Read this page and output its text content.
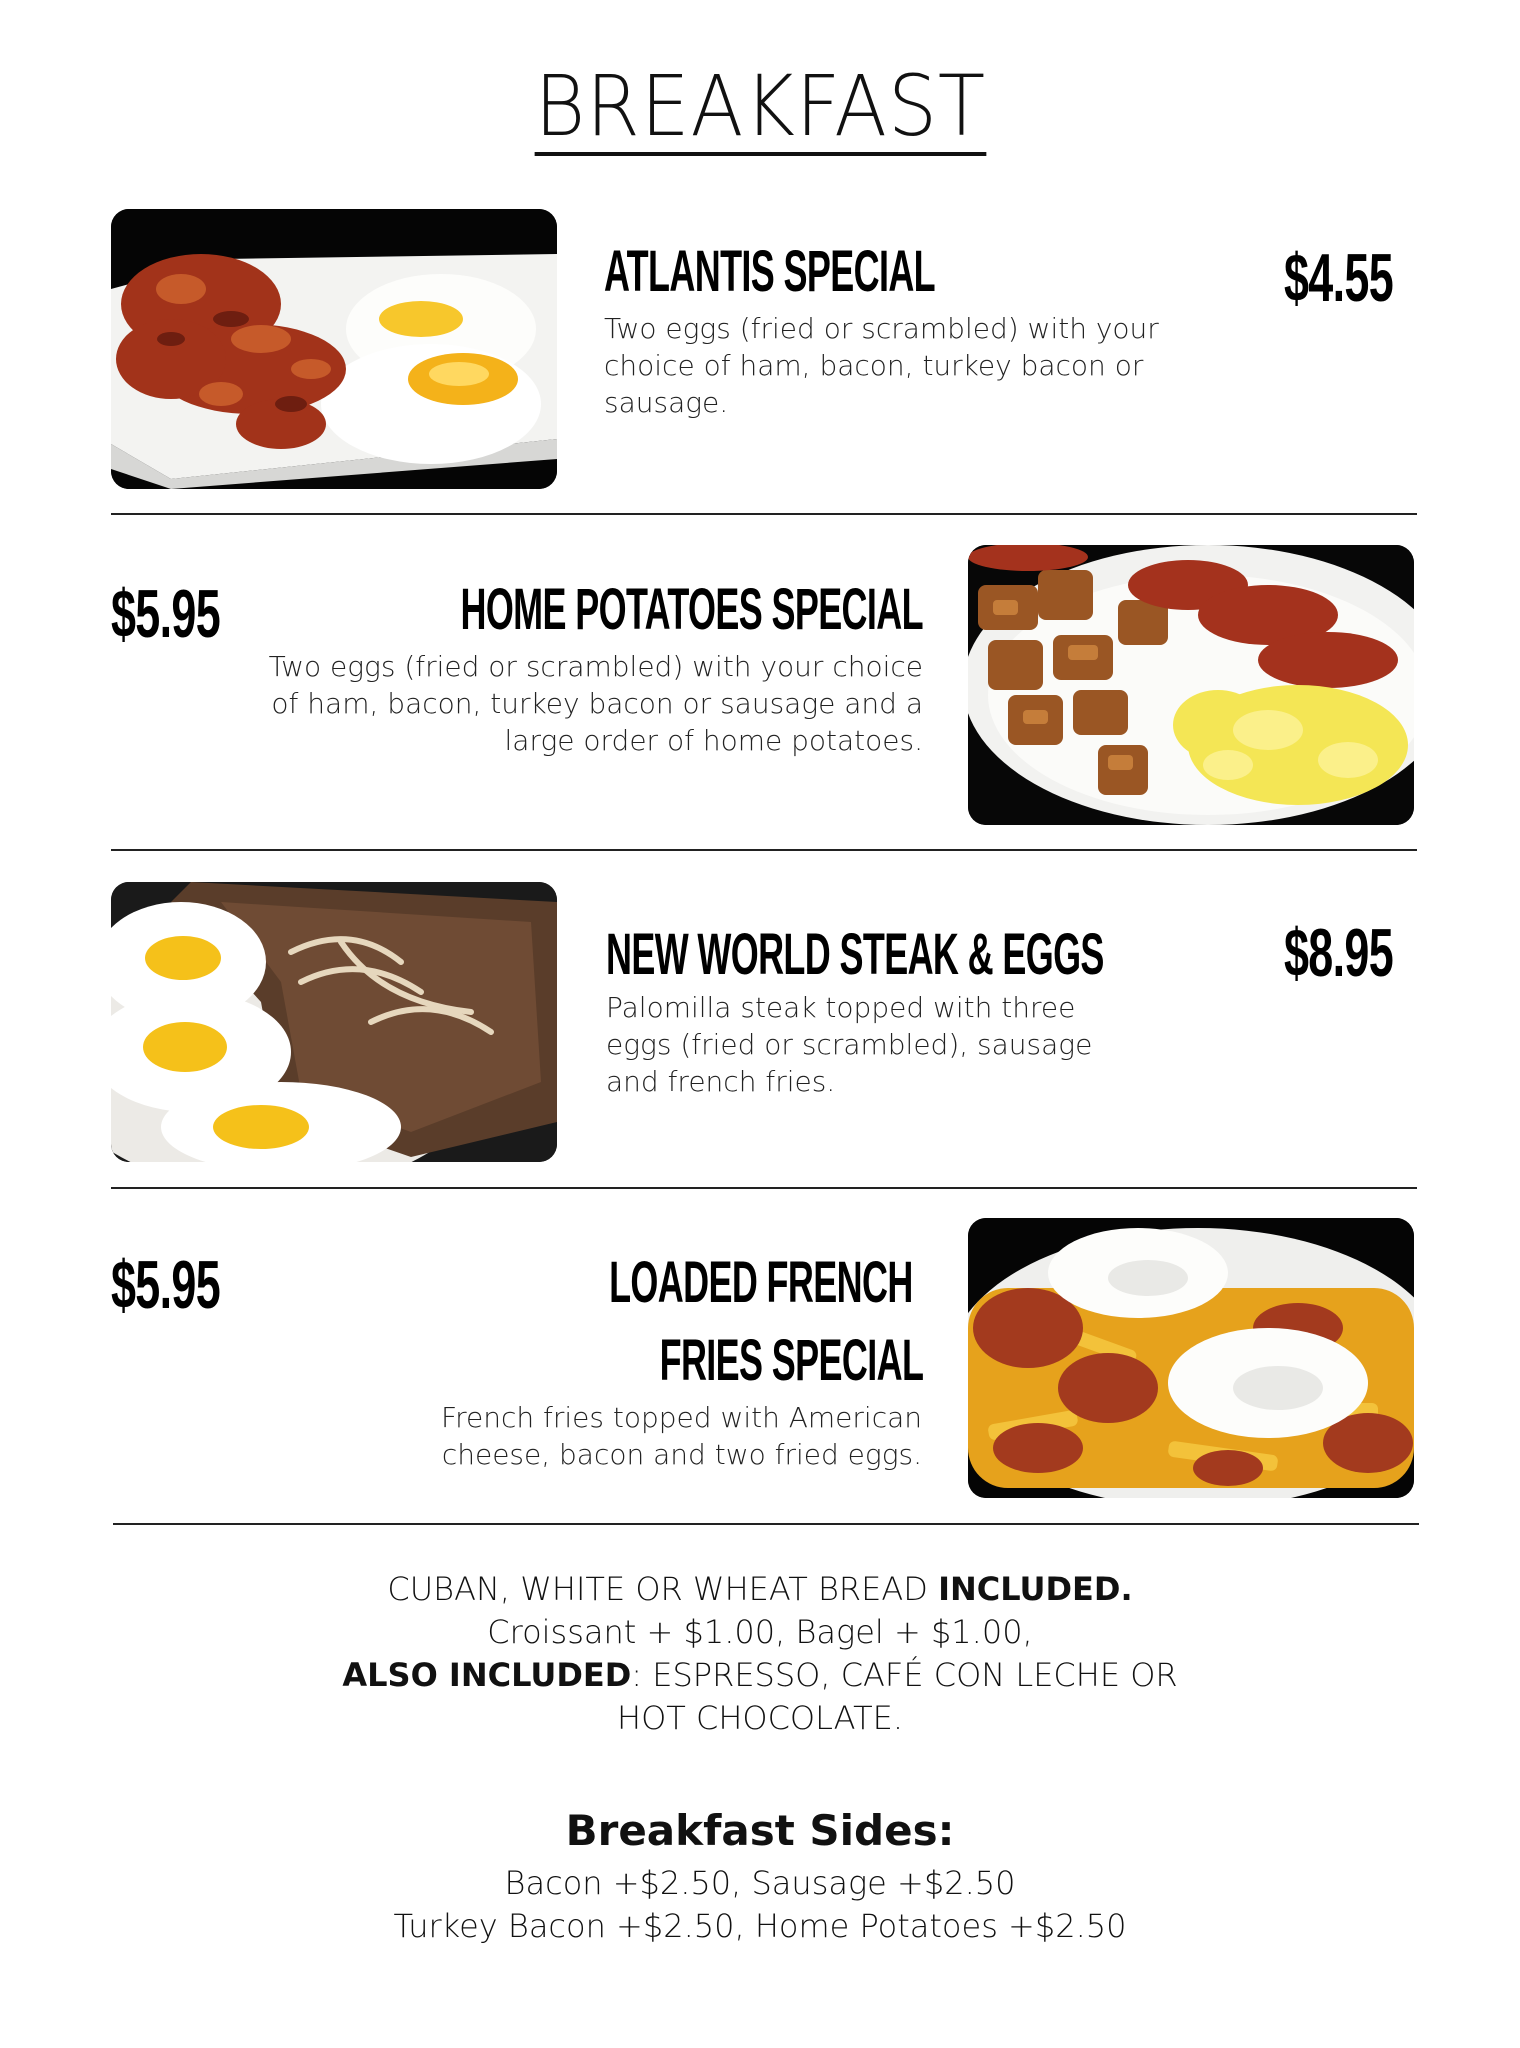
BREAKFAST
ATLANTIS SPECIAL	$4.55
Two eggs (fried or scrambled) with your
choice of ham, bacon, turkey bacon or
sausage.
$5.95	HOME POTATOES SPECIAL
Two eggs (fried or scrambled) with your choice
of ham, bacon, turkey bacon or sausage and a
large order of home potatoes.
NEW WORLD STEAK & EGGS	$8.95
Palomilla steak topped with three
eggs (fried or scrambled), sausage
and french fries.
$5.95	LOADED FRENCH
FRIES SPECIAL
French fries topped with American
cheese, bacon and two fried eggs.
CUBAN, WHITE OR WHEAT BREAD INCLUDED.
Croissant + $1.00, Bagel + $1.00,
ALSO INCLUDED: ESPRESSO, CAFÉ CON LECHE OR
HOT CHOCOLATE.
Breakfast Sides:
Bacon +$2.50, Sausage +$2.50
Turkey Bacon +$2.50, Home Potatoes +$2.50
